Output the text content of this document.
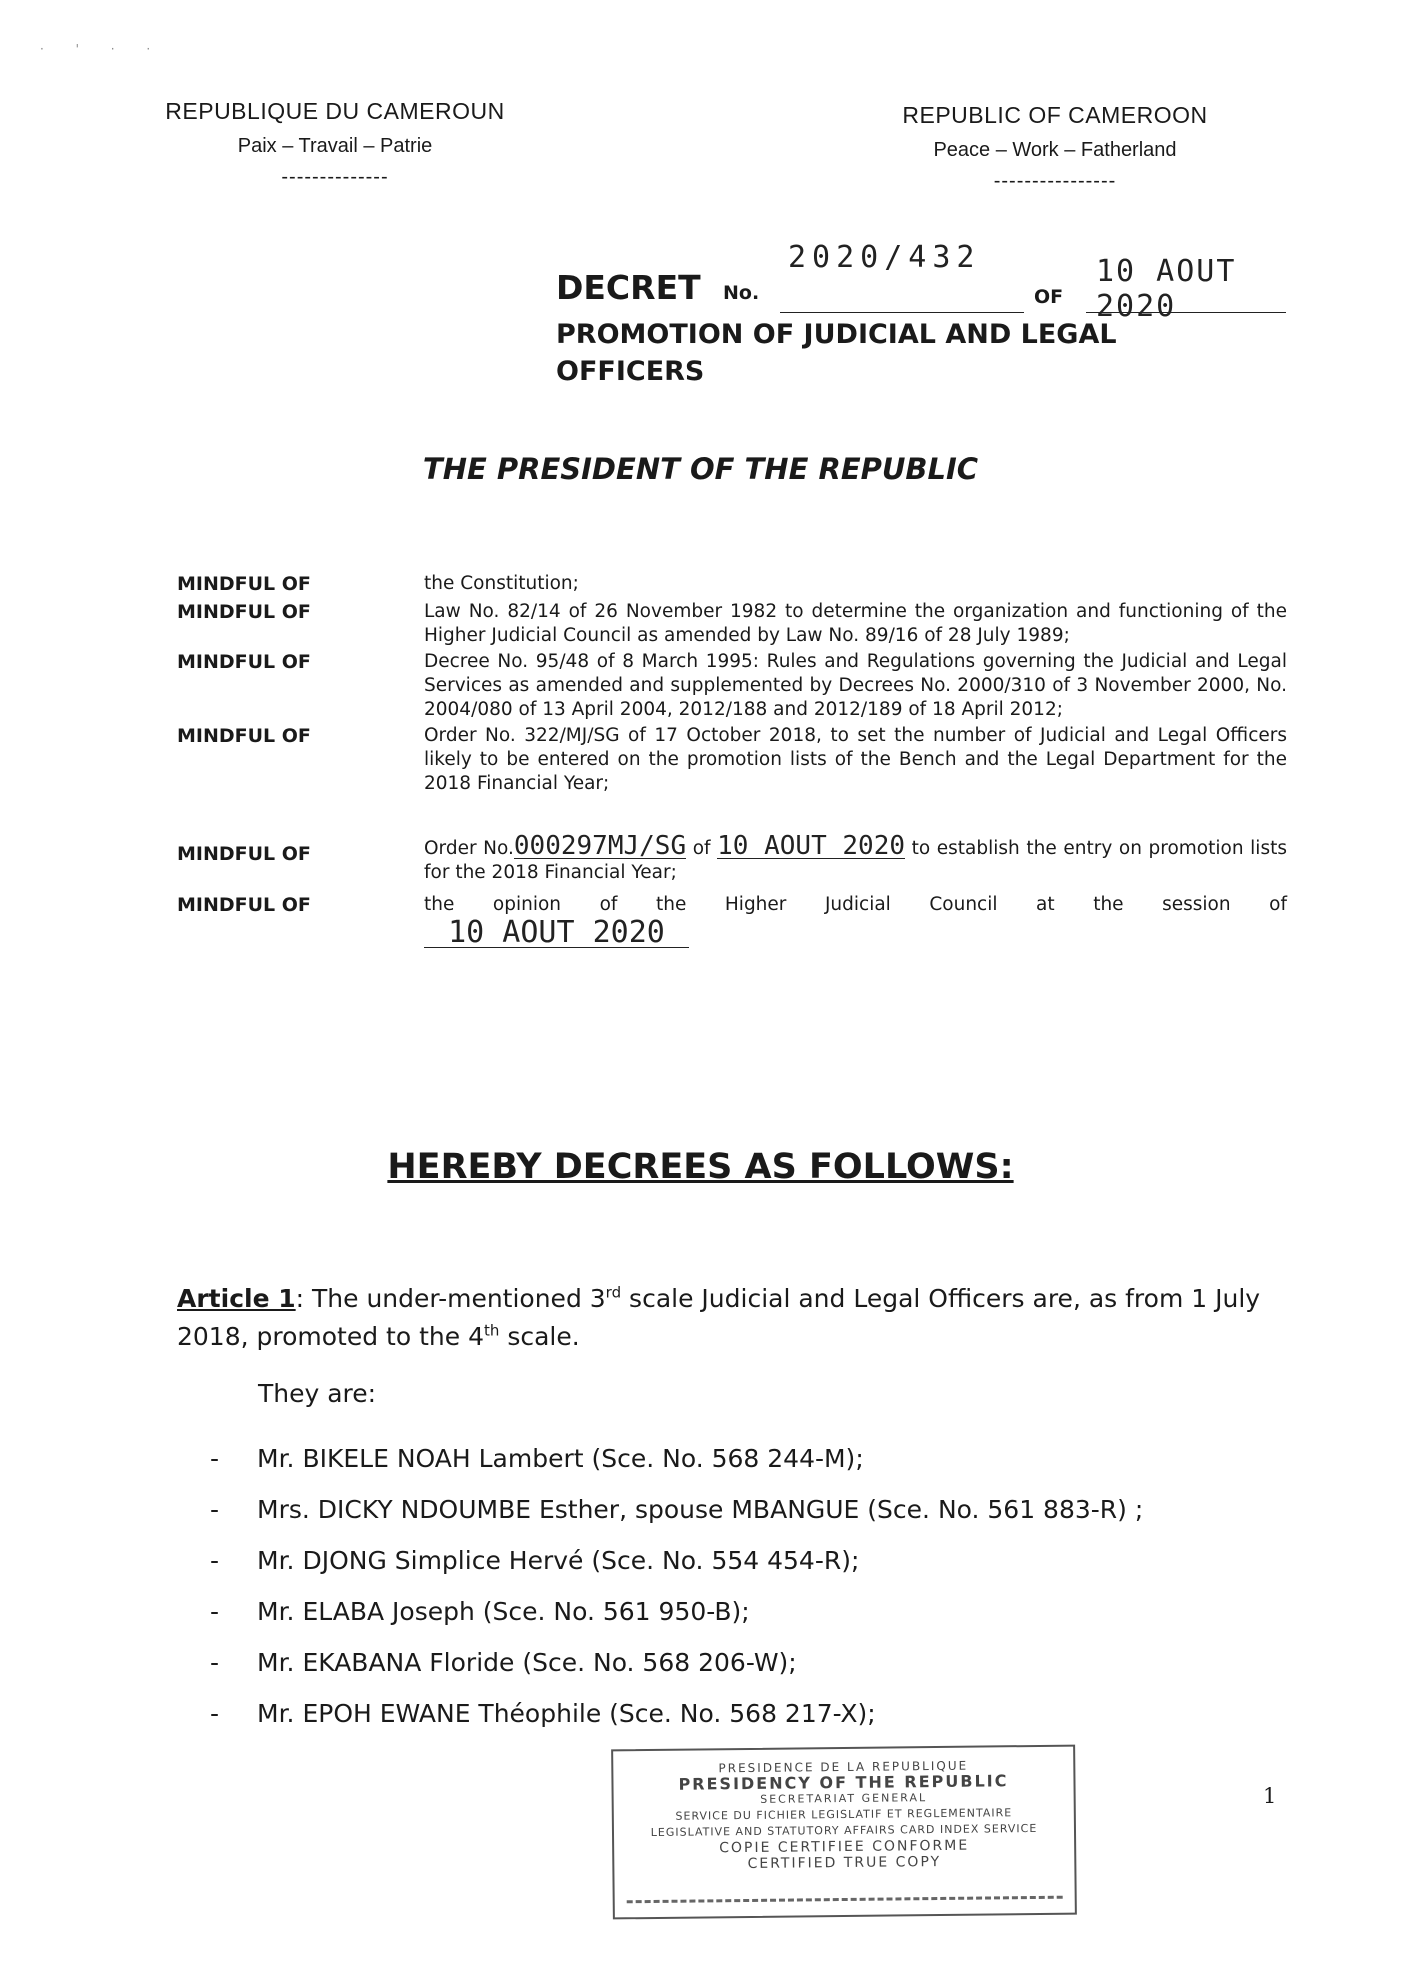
· ' · ·
REPUBLIQUE DU CAMEROUN
Paix – Travail – Patrie
--------------
REPUBLIC OF CAMEROON
Peace – Work – Fatherland
----------------
DECRET No.
2020/432
OF
10 AOUT 2020
PROMOTION OF JUDICIAL AND LEGAL
OFFICERS
THE PRESIDENT OF THE REPUBLIC
MINDFUL OF	the Constitution;
MINDFUL OF	Law No. 82/14 of 26 November 1982 to determine the organization and functioning of the Higher Judicial Council as amended by Law No. 89/16 of 28 July 1989;
MINDFUL OF	Decree No. 95/48 of 8 March 1995: Rules and Regulations governing the Judicial and Legal Services as amended and supplemented by Decrees No. 2000/310 of 3 November 2000, No. 2004/080 of 13 April 2004, 2012/188 and 2012/189 of 18 April 2012;
MINDFUL OF	Order No. 322/MJ/SG of 17 October 2018, to set the number of Judicial and Legal Officers likely to be entered on the promotion lists of the Bench and the Legal Department for the 2018 Financial Year;
MINDFUL OF	Order No.000297MJ/SG of 10 AOUT 2020 to establish the entry on promotion lists for the 2018 Financial Year;
MINDFUL OF	the opinion of the Higher Judicial Council at the session of
10 AOUT 2020
HEREBY DECREES AS FOLLOWS:
Article 1: The under-mentioned 3rd scale Judicial and Legal Officers are, as from 1 July 2018, promoted to the 4th scale.
They are:
- Mr. BIKELE NOAH Lambert (Sce. No. 568 244-M);
- Mrs. DICKY NDOUMBE Esther, spouse MBANGUE (Sce. No. 561 883-R) ;
- Mr. DJONG Simplice Hervé (Sce. No. 554 454-R);
- Mr. ELABA Joseph (Sce. No. 561 950-B);
- Mr. EKABANA Floride (Sce. No. 568 206-W);
- Mr. EPOH EWANE Théophile (Sce. No. 568 217-X);
PRESIDENCE DE LA REPUBLIQUE
PRESIDENCY OF THE REPUBLIC
SECRETARIAT GENERAL
SERVICE DU FICHIER LEGISLATIF ET REGLEMENTAIRE
LEGISLATIVE AND STATUTORY AFFAIRS CARD INDEX SERVICE
COPIE CERTIFIEE CONFORME
CERTIFIED TRUE COPY
1
